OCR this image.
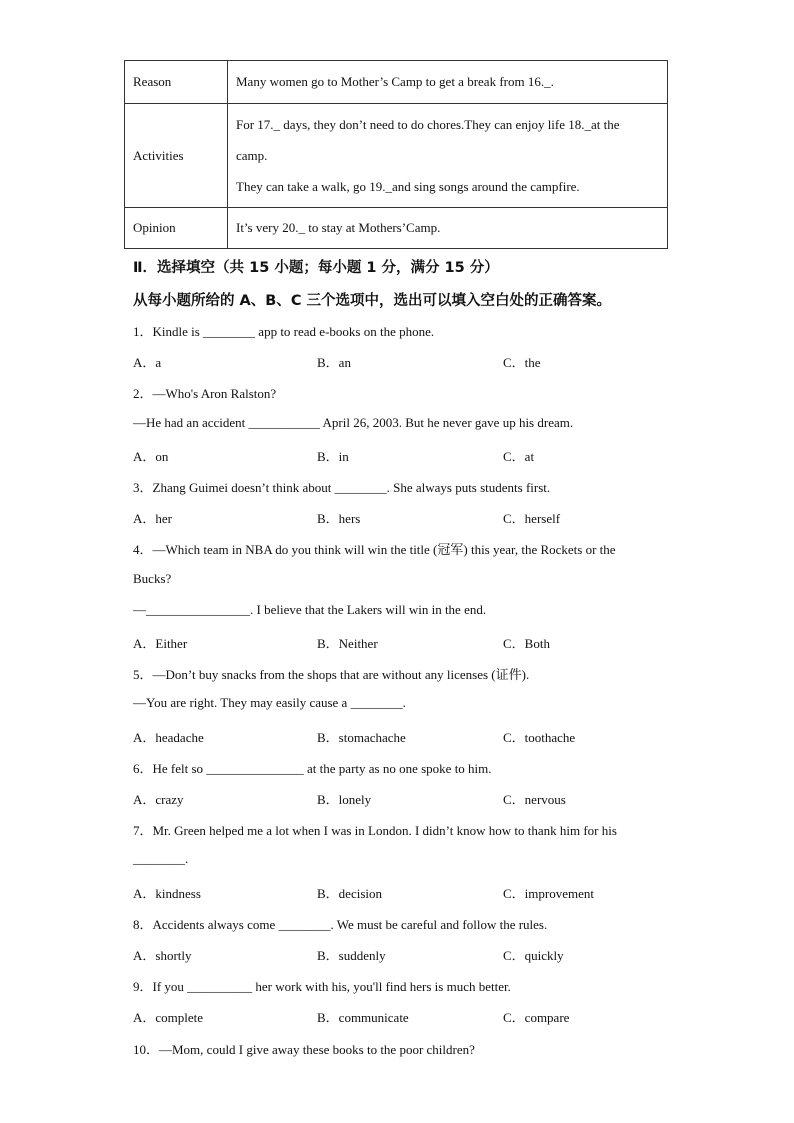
Reason	Many women go to Mother’s Camp to get a break from 16._.
Activities	For 17._ days, they don’t need to do chores.They can enjoy life 18._at the
camp.
They can take a walk, go 19._and sing songs around the campfire.

Opinion	It’s very 20._ to stay at Mothers’Camp.
Ⅱ．选择填空（共 15 小题；每小题 1 分，满分 15 分）
从每小题所给的 A、B、C 三个选项中，选出可以填入空白处的正确答案。
1．Kindle is ________ app to read e-books on the phone.
A．a	B．an	C．the
2．—Who's Aron Ralston?
—He had an accident ___________ April 26, 2003. But he never gave up his dream.
A．on	B．in	C．at
3．Zhang Guimei doesn’t think about ________. She always puts students first.
A．her	B．hers	C．herself
4．—Which team in NBA do you think will win the title (冠军) this year, the Rockets or the
Bucks?
—________________. I believe that the Lakers will win in the end.
A．Either	B．Neither	C．Both
5．—Don’t buy snacks from the shops that are without any licenses (证件).
—You are right. They may easily cause a ________.
A．headache	B．stomachache	C．toothache
6．He felt so _______________ at the party as no one spoke to him.
A．crazy	B．lonely	C．nervous
7．Mr. Green helped me a lot when I was in London. I didn’t know how to thank him for his
________.
A．kindness	B．decision	C．improvement
8．Accidents always come ________. We must be careful and follow the rules.
A．shortly	B．suddenly	C．quickly
9．If you __________ her work with his, you'll find hers is much better.
A．complete	B．communicate	C．compare
10．—Mom, could I give away these books to the poor children?
